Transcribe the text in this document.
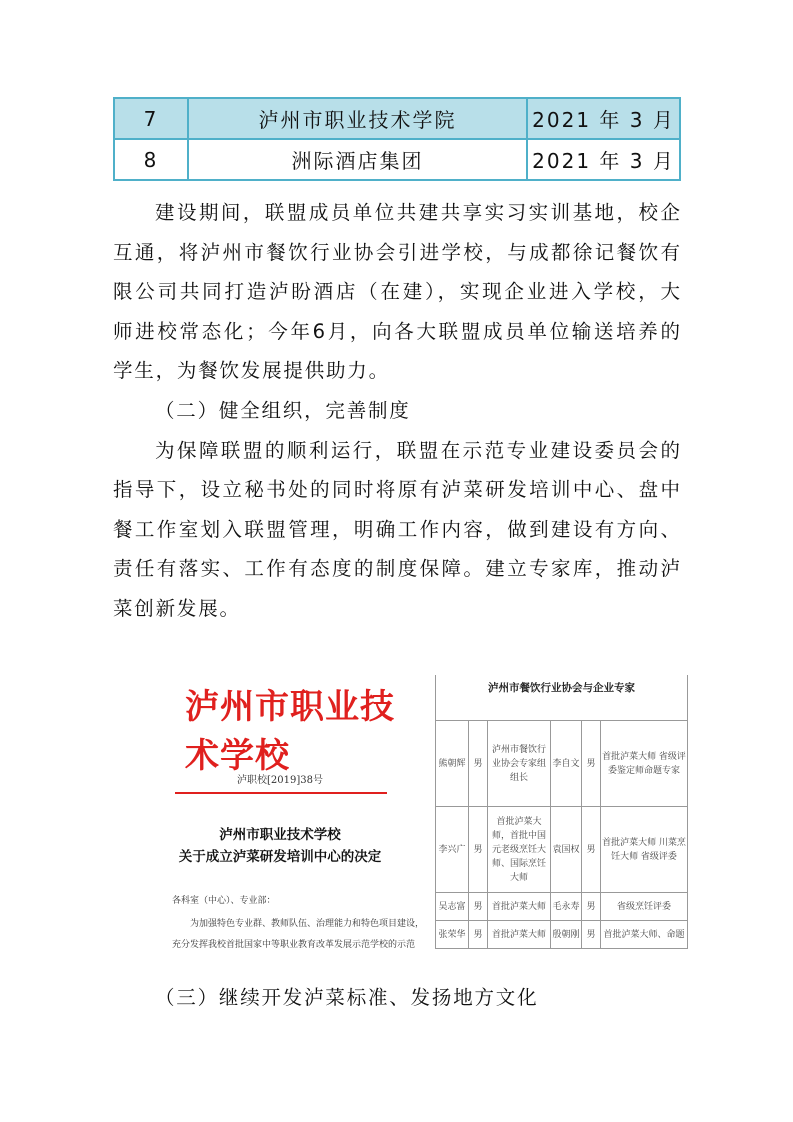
7	泸州市职业技术学院	2021 年 3 月
8	洲际酒店集团	2021 年 3 月
建设期间，联盟成员单位共建共享实习实训基地，校企
互通，将泸州市餐饮行业协会引进学校，与成都徐记餐饮有
限公司共同打造泸盼酒店（在建），实现企业进入学校，大
师进校常态化；今年6月，向各大联盟成员单位输送培养的
学生，为餐饮发展提供助力。
（二）健全组织，完善制度
为保障联盟的顺利运行，联盟在示范专业建设委员会的
指导下，设立秘书处的同时将原有泸菜研发培训中心、盘中
餐工作室划入联盟管理，明确工作内容，做到建设有方向、
责任有落实、工作有态度的制度保障。建立专家库，推动泸
菜创新发展。
泸州市职业技术学校
泸职校[2019]38号
泸州市职业技术学校
关于成立泸菜研发培训中心的决定
各科室（中心）、专业部：
　　为加强特色专业群、教师队伍、治理能力和特色项目建设，
充分发挥我校首批国家中等职业教育改革发展示范学校的示范
泸州市餐饮行业协会与企业专家					
熊朝辉	男	泸州市餐饮行业协会专家组组长	李自文	男	首批泸菜大师 省级评委鉴定师命题专家
李兴广	男	首批泸菜大师，首批中国元老级烹饪大师、国际烹饪大师	袁国权	男	首批泸菜大师 川菜烹饪大师 省级评委
吴志富	男	首批泸菜大师	毛永寿	男	省级烹饪评委
张荣华	男	首批泸菜大师	殷朝刚	男	首批泸菜大师、命题
（三）继续开发泸菜标准、发扬地方文化
